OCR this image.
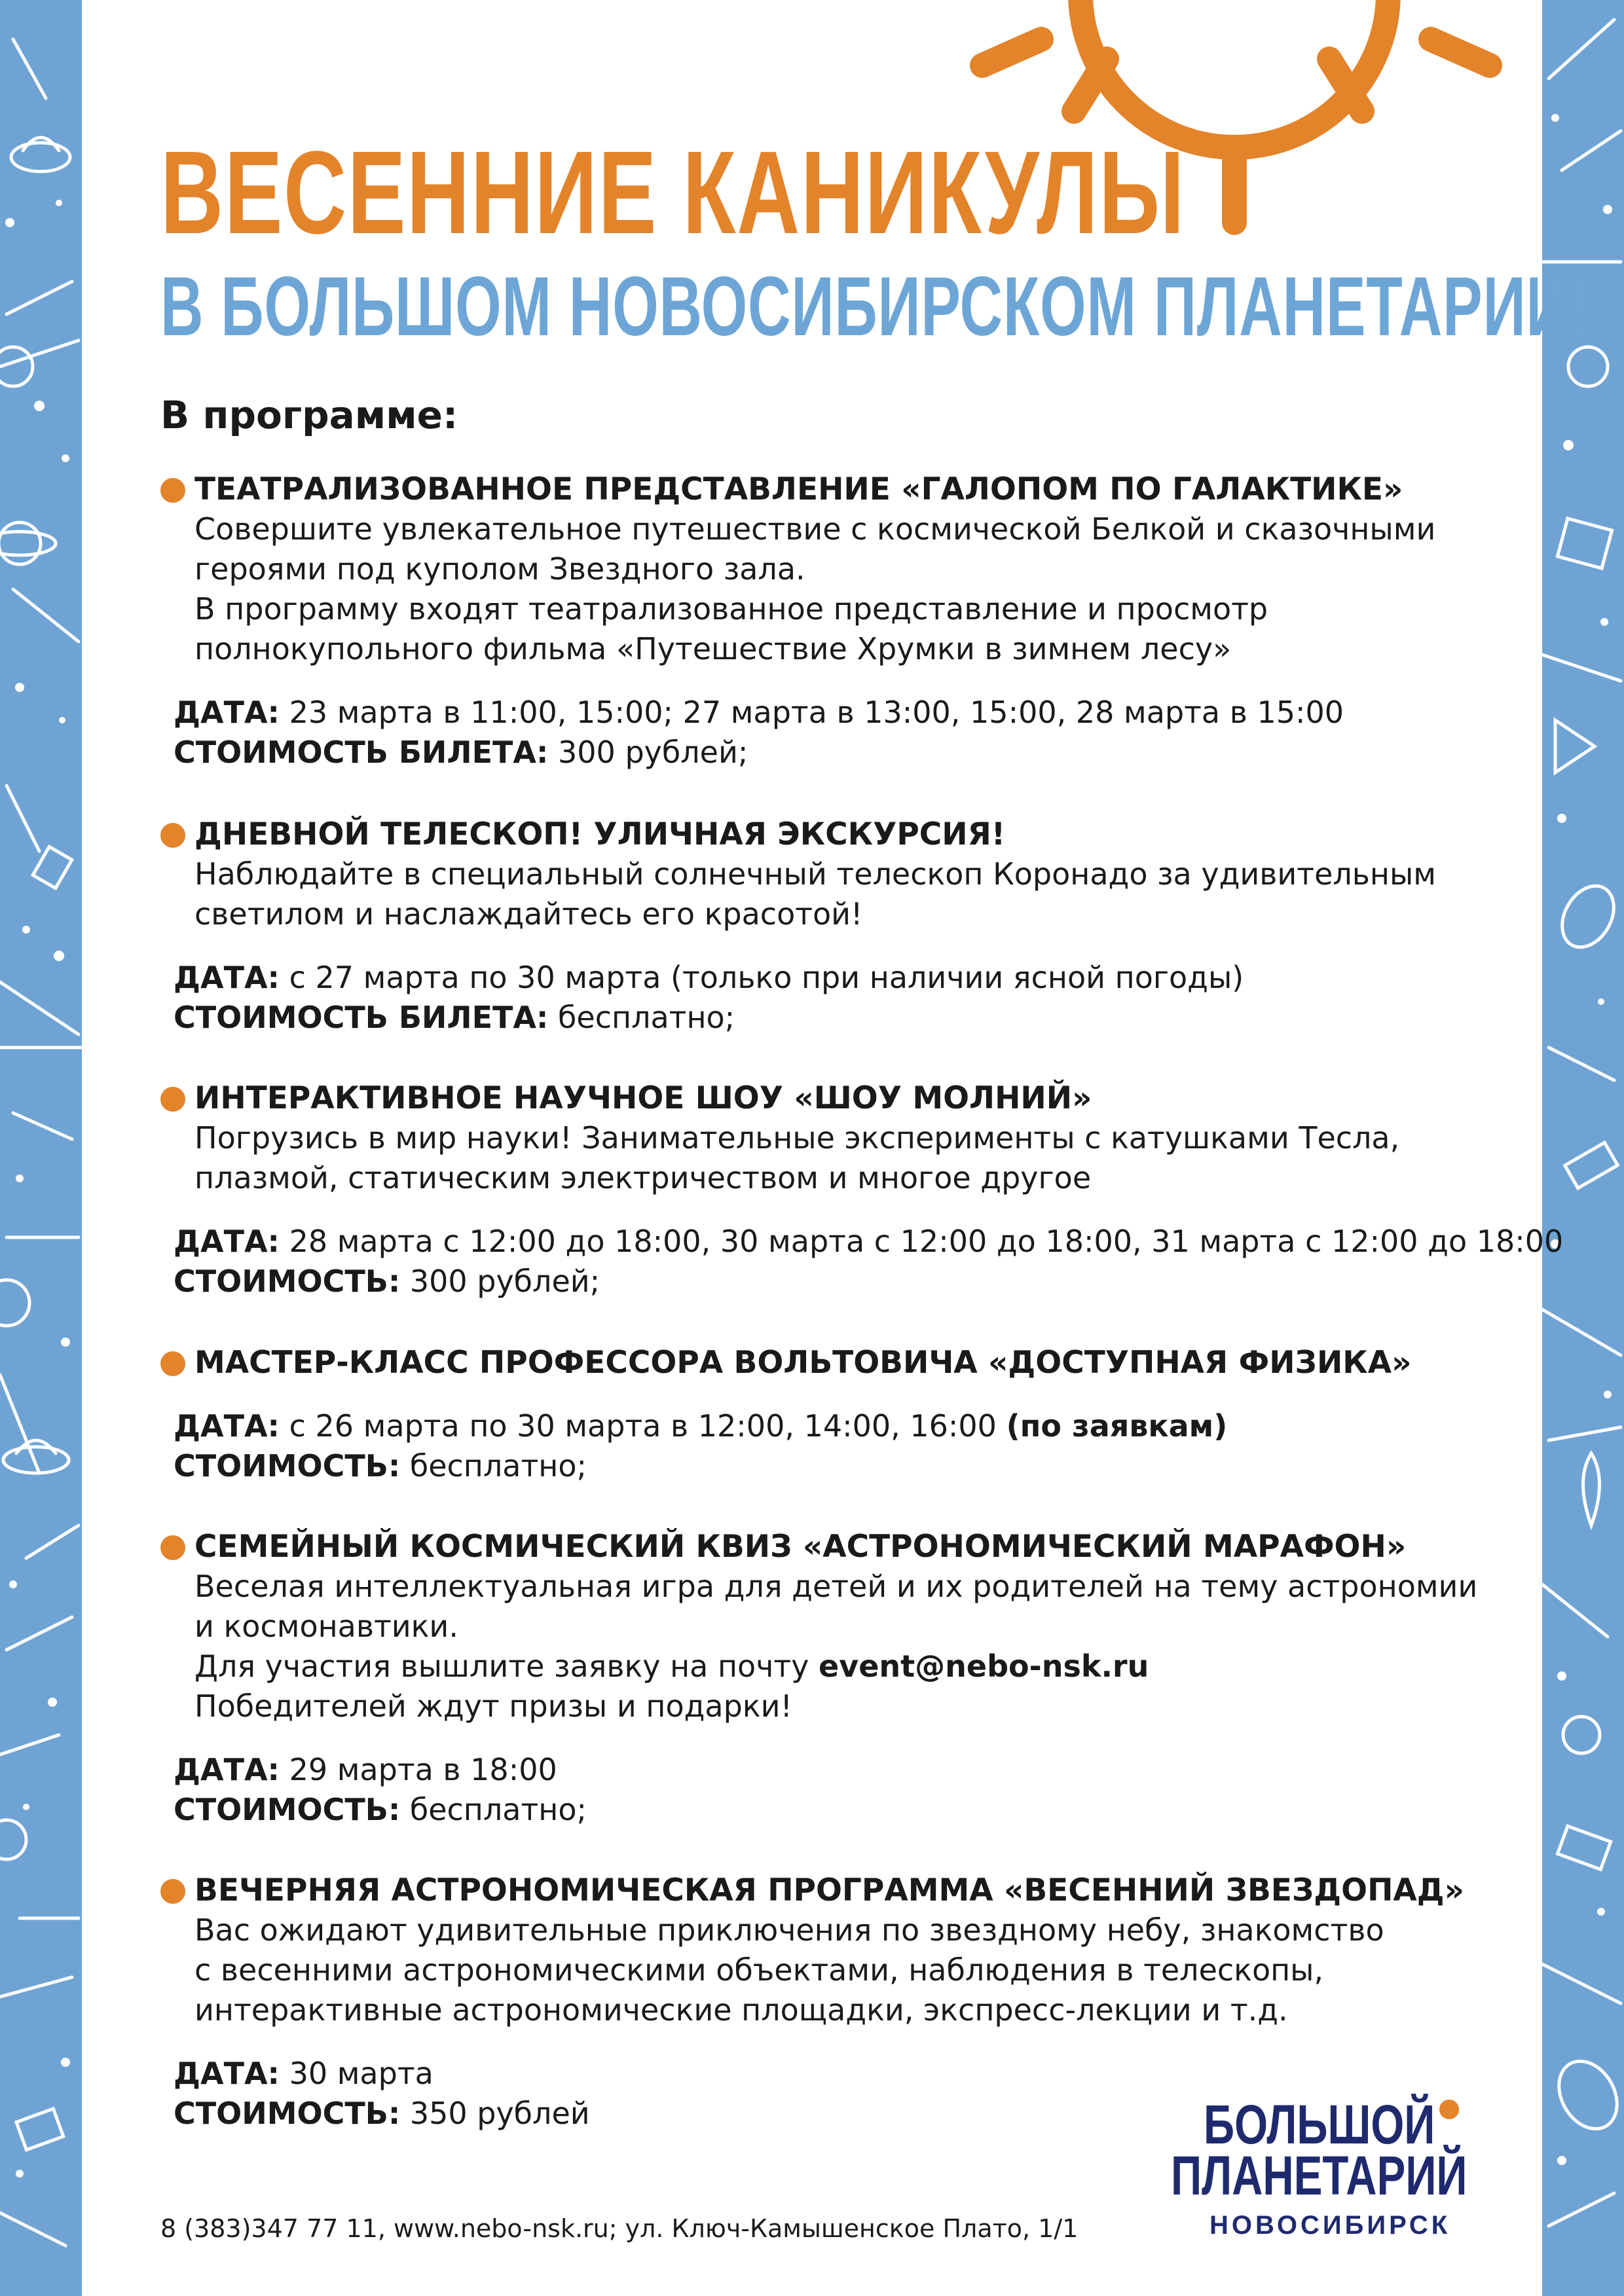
ВЕСЕННИЕ КАНИКУЛЫ
В БОЛЬШОМ НОВОСИБИРСКОМ ПЛАНЕТАРИИ!
В программе:
ТЕАТРАЛИЗОВАННОЕ ПРЕДСТАВЛЕНИЕ «ГАЛОПОМ ПО ГАЛАКТИКЕ»
Совершите увлекательное путешествие с космической Белкой и сказочными
героями под куполом Звездного зала.
В программу входят театрализованное представление и просмотр
полнокупольного фильма «Путешествие Хрумки в зимнем лесу»
ДАТА: 23 марта в 11:00, 15:00; 27 марта в 13:00, 15:00, 28 марта в 15:00
СТОИМОСТЬ БИЛЕТА: 300 рублей;
ДНЕВНОЙ ТЕЛЕСКОП! УЛИЧНАЯ ЭКСКУРСИЯ!
Наблюдайте в специальный солнечный телескоп Коронадо за удивительным
светилом и наслаждайтесь его красотой!
ДАТА: с 27 марта по 30 марта (только при наличии ясной погоды)
СТОИМОСТЬ БИЛЕТА: бесплатно;
ИНТЕРАКТИВНОЕ НАУЧНОЕ ШОУ «ШОУ МОЛНИЙ»
Погрузись в мир науки! Занимательные эксперименты с катушками Тесла,
плазмой, статическим электричеством и многое другое
ДАТА: 28 марта с 12:00 до 18:00, 30 марта с 12:00 до 18:00, 31 марта с 12:00 до 18:00
СТОИМОСТЬ: 300 рублей;
МАСТЕР-КЛАСС ПРОФЕССОРА ВОЛЬТОВИЧА «ДОСТУПНАЯ ФИЗИКА»
ДАТА: с 26 марта по 30 марта в 12:00, 14:00, 16:00 (по заявкам)
СТОИМОСТЬ: бесплатно;
СЕМЕЙНЫЙ КОСМИЧЕСКИЙ КВИЗ «АСТРОНОМИЧЕСКИЙ МАРАФОН»
Веселая интеллектуальная игра для детей и их родителей на тему астрономии
и космонавтики.
Для участия вышлите заявку на почту event@nebo-nsk.ru
Победителей ждут призы и подарки!
ДАТА: 29 марта в 18:00
СТОИМОСТЬ: бесплатно;
ВЕЧЕРНЯЯ АСТРОНОМИЧЕСКАЯ ПРОГРАММА «ВЕСЕННИЙ ЗВЕЗДОПАД»
Вас ожидают удивительные приключения по звездному небу, знакомство
с весенними астрономическими объектами, наблюдения в телескопы,
интерактивные астрономические площадки, экспресс-лекции и т.д.
ДАТА: 30 марта
СТОИМОСТЬ: 350 рублей
8 (383)347 77 11, www.nebo-nsk.ru; ул. Ключ-Камышенское Плато, 1/1
БОЛЬШОЙ
ПЛАНЕТАРИЙ
НОВОСИБИРСК
